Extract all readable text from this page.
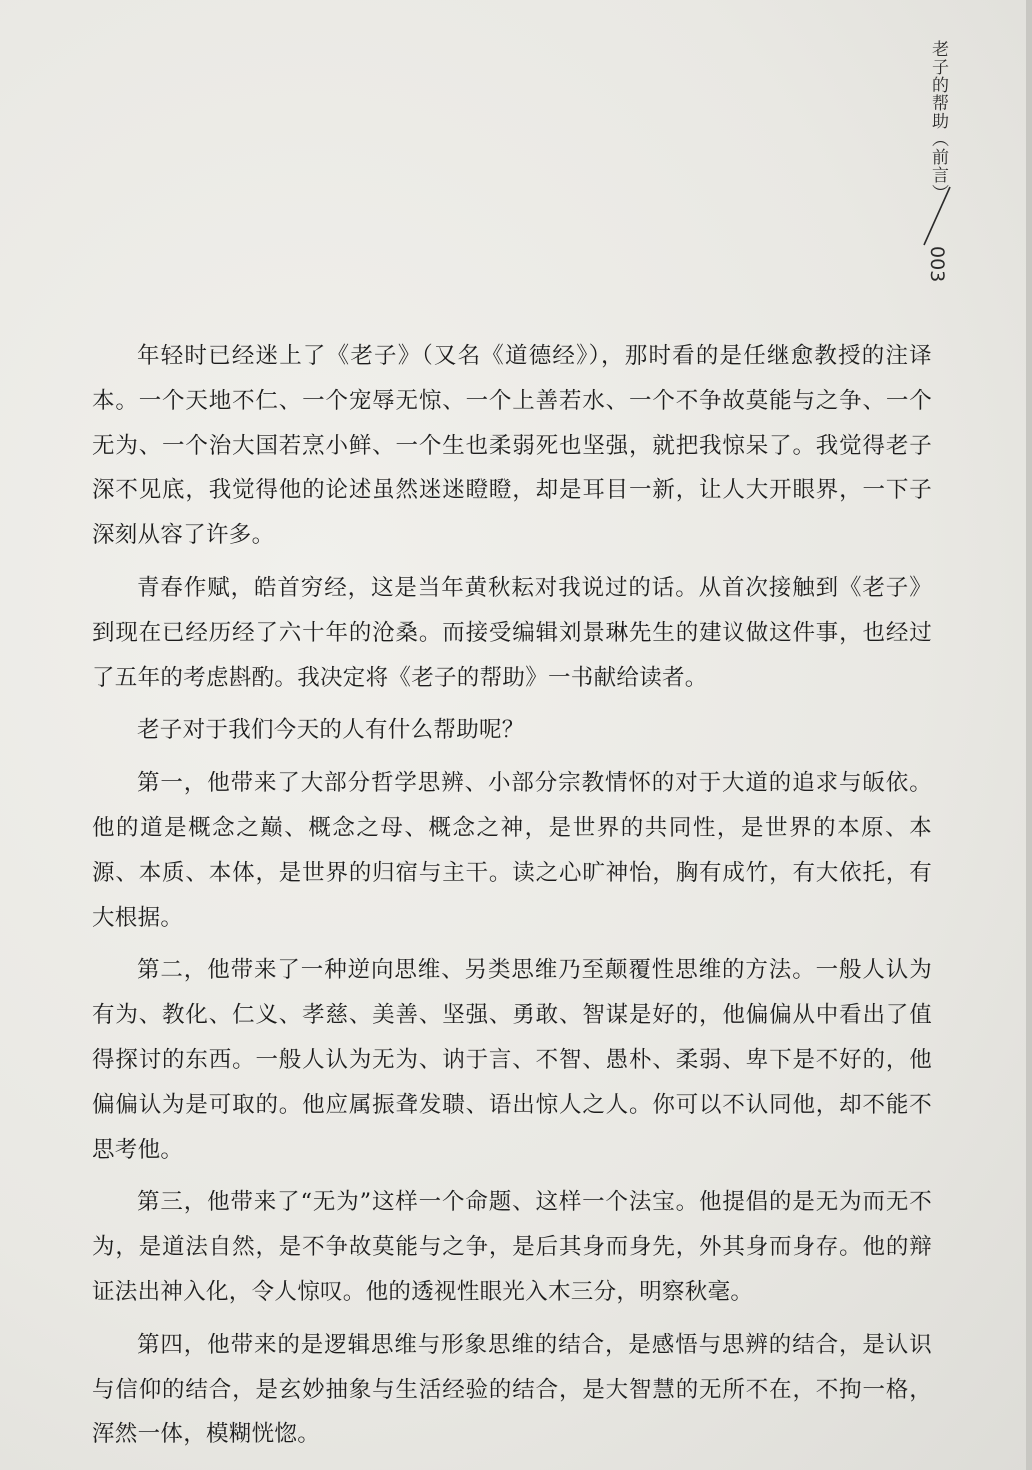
老子的帮助（前言）
003

年轻时已经迷上了《老子》（又名《道德经》），那时看的是任继愈教授的注译本。一个天地不仁、一个宠辱无惊、一个上善若水、一个不争故莫能与之争、一个无为、一个治大国若烹小鲜、一个生也柔弱死也坚强，就把我惊呆了。我觉得老子深不见底，我觉得他的论述虽然迷迷瞪瞪，却是耳目一新，让人大开眼界，一下子深刻从容了许多。

青春作赋，皓首穷经，这是当年黄秋耘对我说过的话。从首次接触到《老子》到现在已经历经了六十年的沧桑。而接受编辑刘景琳先生的建议做这件事，也经过了五年的考虑斟酌。我决定将《老子的帮助》一书献给读者。

老子对于我们今天的人有什么帮助呢？

第一，他带来了大部分哲学思辨、小部分宗教情怀的对于大道的追求与皈依。他的道是概念之巅、概念之母、概念之神，是世界的共同性，是世界的本原、本源、本质、本体，是世界的归宿与主干。读之心旷神怡，胸有成竹，有大依托，有大根据。

第二，他带来了一种逆向思维、另类思维乃至颠覆性思维的方法。一般人认为有为、教化、仁义、孝慈、美善、坚强、勇敢、智谋是好的，他偏偏从中看出了值得探讨的东西。一般人认为无为、讷于言、不智、愚朴、柔弱、卑下是不好的，他偏偏认为是可取的。他应属振聋发聩、语出惊人之人。你可以不认同他，却不能不思考他。

第三，他带来了“无为”这样一个命题、这样一个法宝。他提倡的是无为而无不为，是道法自然，是不争故莫能与之争，是后其身而身先，外其身而身存。他的辩证法出神入化，令人惊叹。他的透视性眼光入木三分，明察秋毫。

第四，他带来的是逻辑思维与形象思维的结合，是感悟与思辨的结合，是认识与信仰的结合，是玄妙抽象与生活经验的结合，是大智慧的无所不在，不拘一格，浑然一体，模糊恍惚。
